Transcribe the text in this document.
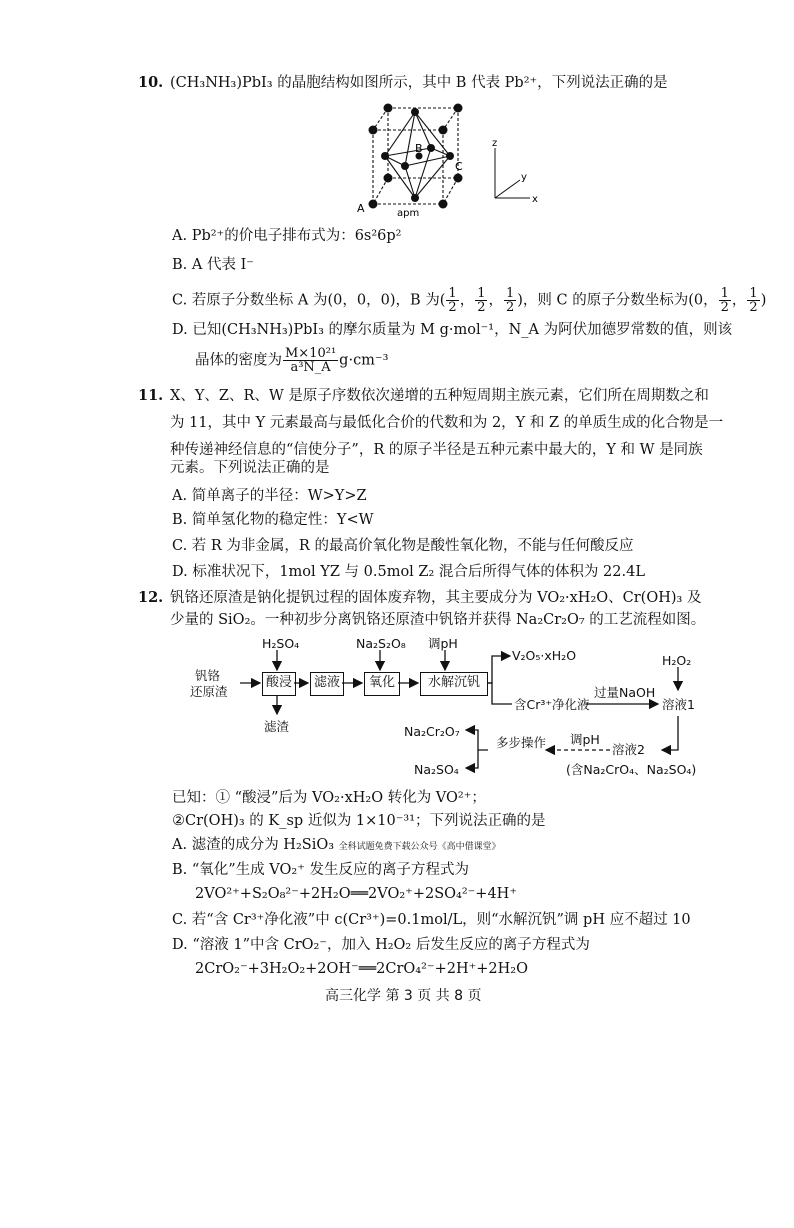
10. (CH₃NH₃)PbI₃ 的晶胞结构如图所示，其中 B 代表 Pb²⁺，下列说法正确的是
B
C
A	apm
z
x
y
A. Pb²⁺的价电子排布式为：6s²6p²
B. A 代表 I⁻
C. 若原子分数坐标 A 为(0，0，0)，B 为( $\frac{1}{2}$ ， $\frac{1}{2}$ ， $\frac{1}{2}$ )，则 C 的原子分数坐标为(0， $\frac{1}{2}$ ， $\frac{1}{2}$ )
D. 已知(CH₃NH₃)PbI₃ 的摩尔质量为 M g·mol⁻¹，N_A 为阿伏加德罗常数的值，则该
晶体的密度为 $\frac{\text{M×10²¹}}{\text{a³N\_A}} g\cdot cm^{-3}$
11. X、Y、Z、R、W 是原子序数依次递增的五种短周期主族元素，它们所在周期数之和
为 11，其中 Y 元素最高与最低化合价的代数和为 2，Y 和 Z 的单质生成的化合物是一
种传递神经信息的“信使分子”，R 的原子半径是五种元素中最大的，Y 和 W 是同族
元素。下列说法正确的是
A. 简单离子的半径：W>Y>Z
B. 简单氢化物的稳定性：Y<W
C. 若 R 为非金属，R 的最高价氧化物是酸性氧化物，不能与任何酸反应
D. 标准状况下，1mol YZ 与 0.5mol Z₂ 混合后所得气体的体积为 22.4L
12. 钒铬还原渣是钠化提钒过程的固体废弃物，其主要成分为 VO₂·xH₂O、Cr(OH)₃ 及
少量的 SiO₂。一种初步分离钒铬还原渣中钒铬并获得 Na₂Cr₂O₇ 的工艺流程如图。
钒铬
还原渣
酸浸	滤液	氧化	水解沉钒
H₂SO₄	Na₂S₂O₈ 调pH
滤渣
V₂O₅·xH₂O
含Cr³⁺净化液
过量NaOH
H₂O₂
溶液1
调pH
溶液2
(含Na₂CrO₄、Na₂SO₄)
多步操作
Na₂Cr₂O₇
Na₂SO₄
已知：① “酸浸”后为 VO₂·xH₂O 转化为 VO²⁺；
②Cr(OH)₃ 的 K_sp 近似为 1×10⁻³¹；下列说法正确的是
A. 滤渣的成分为 H₂SiO₃ 全科试题免费下载公众号《高中借课堂》
B. “氧化”生成 VO₂⁺ 发生反应的离子方程式为
2VO²⁺+S₂O₈²⁻+2H₂O══2VO₂⁺+2SO₄²⁻+4H⁺
C. 若“含 Cr³⁺净化液”中 c(Cr³⁺)=0.1mol/L，则“水解沉钒”调 pH 应不超过 10
D. “溶液 1”中含 CrO₂⁻，加入 H₂O₂ 后发生反应的离子方程式为
2CrO₂⁻+3H₂O₂+2OH⁻══2CrO₄²⁻+2H⁺+2H₂O
高三化学 第 3 页 共 8 页
